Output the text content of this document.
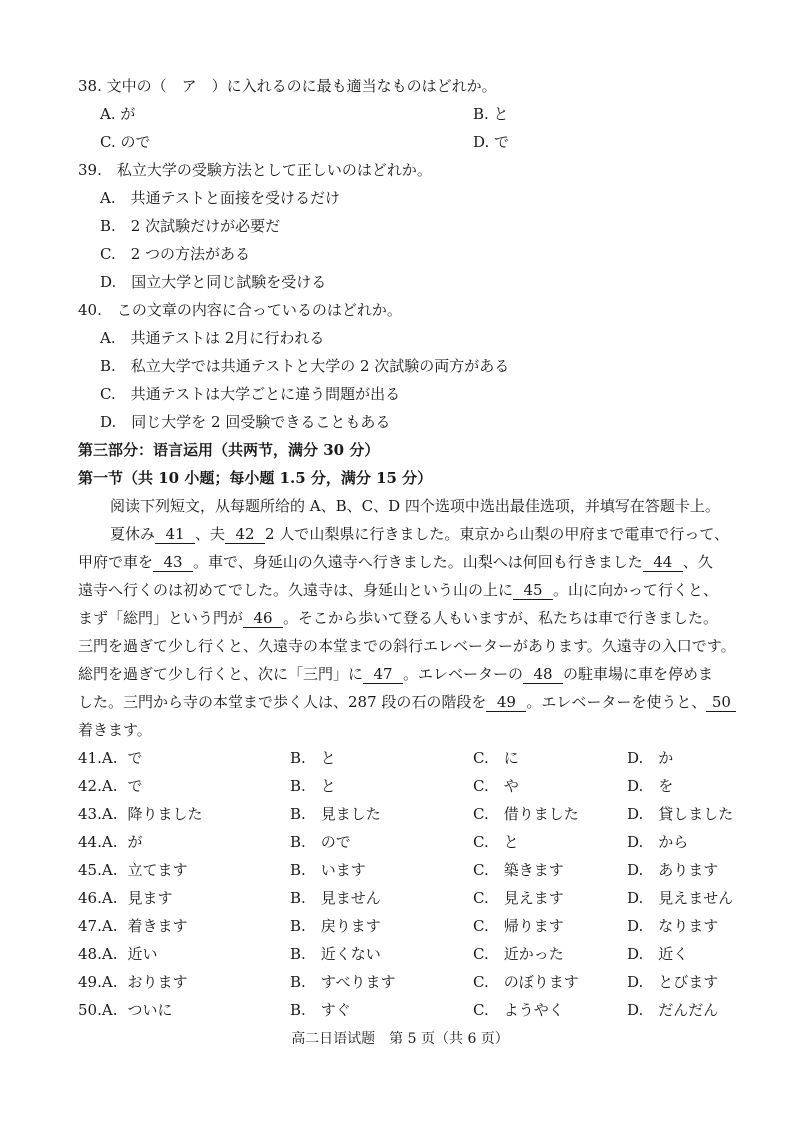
38. 文中の（　ア　）に入れるのに最も適当なものはどれか。
A. が	B. と
C. ので	D. で
39.　私立大学の受験方法として正しいのはどれか。
A.　共通テストと面接を受けるだけ
B.　2 次試験だけが必要だ
C.　2 つの方法がある
D.　国立大学と同じ試験を受ける
40.　この文章の内容に合っているのはどれか。
A.　共通テストは 2月に行われる
B.　私立大学では共通テストと大学の 2 次試験の両方がある
C.　共通テストは大学ごとに違う問題が出る
D.　同じ大学を 2 回受験できることもある
第三部分：语言运用（共两节，满分 30 分）
第一节（共 10 小题；每小题 1.5 分，满分 15 分）
阅读下列短文，从每题所给的 A、B、C、D 四个选项中选出最佳选项，并填写在答题卡上。
夏休み 41 、夫 42 2 人で山梨県に行きました。東京から山梨の甲府まで電車で行って、
甲府で車を 43 。車で、身延山の久遠寺へ行きました。山梨へは何回も行きました 44 、久
遠寺へ行くのは初めてでした。久遠寺は、身延山という山の上に 45 。山に向かって行くと、
まず「総門」という門が 46 。そこから歩いて登る人もいますが、私たちは車で行きました。
三門を過ぎて少し行くと、久遠寺の本堂までの斜行エレベーターがあります。久遠寺の入口です。
総門を過ぎて少し行くと、次に「三門」に 47 。エレベーターの 48 の駐車場に車を停めま
した。三門から寺の本堂まで歩く人は、287 段の石の階段を 49 。エレベーターを使うと、 50
着きます。
41.A. で	B.　と	C.　に	D.　か
42.A. で	B.　と	C.　や	D.　を
43.A. 降りました	B.　見ました	C.　借りました	D.　貸しました
44.A. が	B.　ので	C.　と	D.　から
45.A. 立てます	B.　います	C.　築きます	D.　あります
46.A. 見ます	B.　見ません	C.　見えます	D.　見えません
47.A. 着きます	B.　戻ります	C.　帰ります	D.　なります
48.A. 近い	B.　近くない	C.　近かった	D.　近く
49.A. おります	B.　すべります	C.　のぼります	D.　とびます
50.A. ついに	B.　すぐ	C.　ようやく	D.　だんだん
高二日语试题　第 5 页（共 6 页）
